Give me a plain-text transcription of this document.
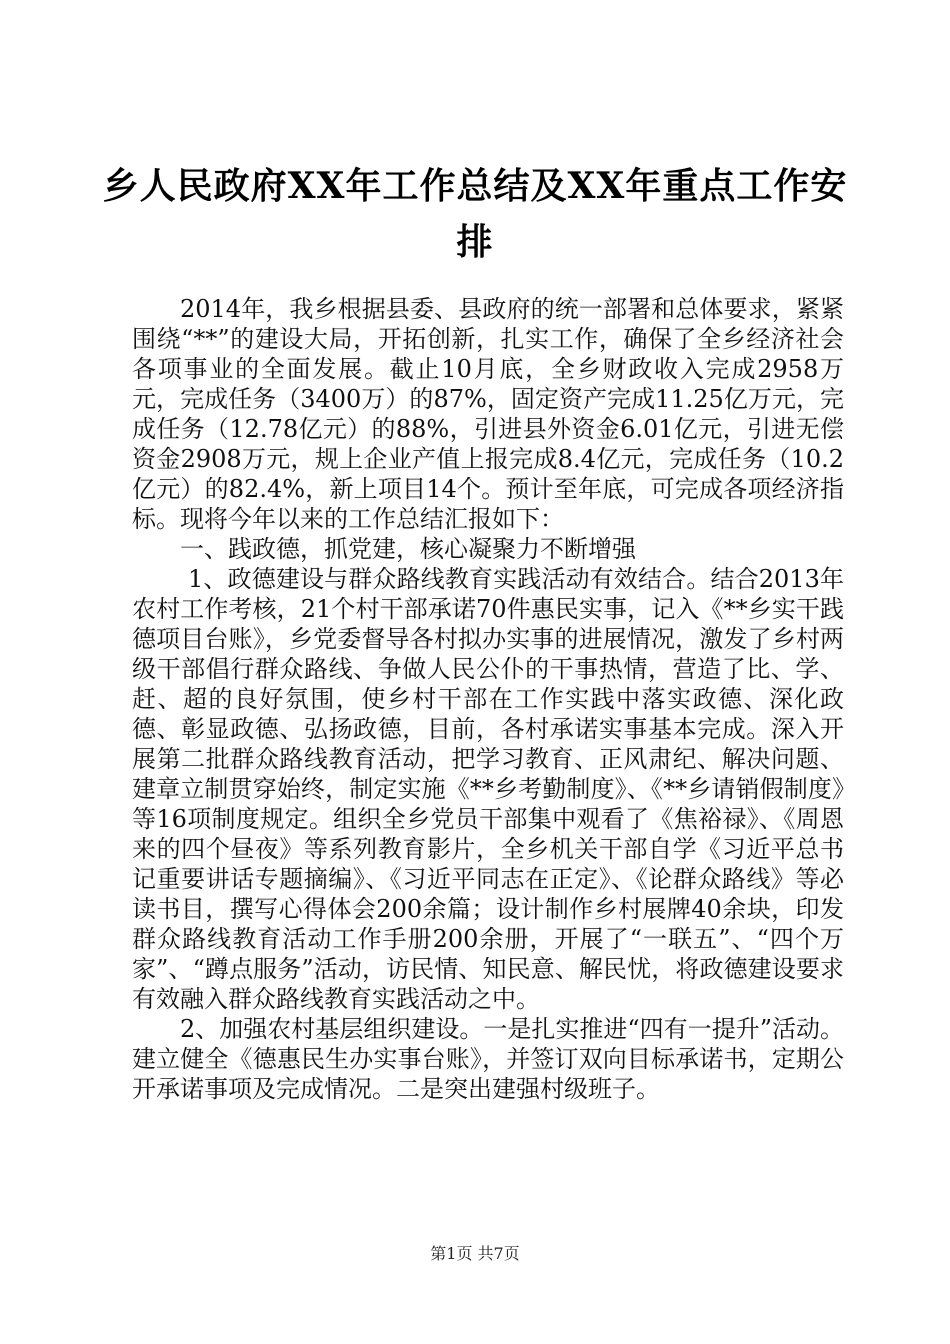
乡人民政府XX年工作总结及XX年重点工作安排

2014年，我乡根据县委、县政府的统一部署和总体要求，紧紧围绕“**”的建设大局，开拓创新，扎实工作，确保了全乡经济社会各项事业的全面发展。截止10月底，全乡财政收入完成2958万元，完成任务（3400万）的87%，固定资产完成11.25亿万元，完成任务（12.78亿元）的88%，引进县外资金6.01亿元，引进无偿资金2908万元，规上企业产值上报完成8.4亿元，完成任务（10.2亿元）的82.4%，新上项目14个。预计至年底，可完成各项经济指标。现将今年以来的工作总结汇报如下：

一、践政德，抓党建，核心凝聚力不断增强

1、政德建设与群众路线教育实践活动有效结合。结合2013年农村工作考核，21个村干部承诺70件惠民实事，记入《**乡实干践德项目台账》，乡党委督导各村拟办实事的进展情况，激发了乡村两级干部倡行群众路线、争做人民公仆的干事热情，营造了比、学、赶、超的良好氛围，使乡村干部在工作实践中落实政德、深化政德、彰显政德、弘扬政德，目前，各村承诺实事基本完成。深入开展第二批群众路线教育活动，把学习教育、正风肃纪、解决问题、建章立制贯穿始终，制定实施《**乡考勤制度》、《**乡请销假制度》等16项制度规定。组织全乡党员干部集中观看了《焦裕禄》、《周恩来的四个昼夜》等系列教育影片，全乡机关干部自学《习近平总书记重要讲话专题摘编》、《习近平同志在正定》、《论群众路线》等必读书目，撰写心得体会200余篇；设计制作乡村展牌40余块，印发群众路线教育活动工作手册200余册，开展了“一联五”、“四个万家”、“蹲点服务”活动，访民情、知民意、解民忧，将政德建设要求有效融入群众路线教育实践活动之中。

2、加强农村基层组织建设。一是扎实推进“四有一提升”活动。建立健全《德惠民生办实事台账》，并签订双向目标承诺书，定期公开承诺事项及完成情况。二是突出建强村级班子。

第1页 共7页
